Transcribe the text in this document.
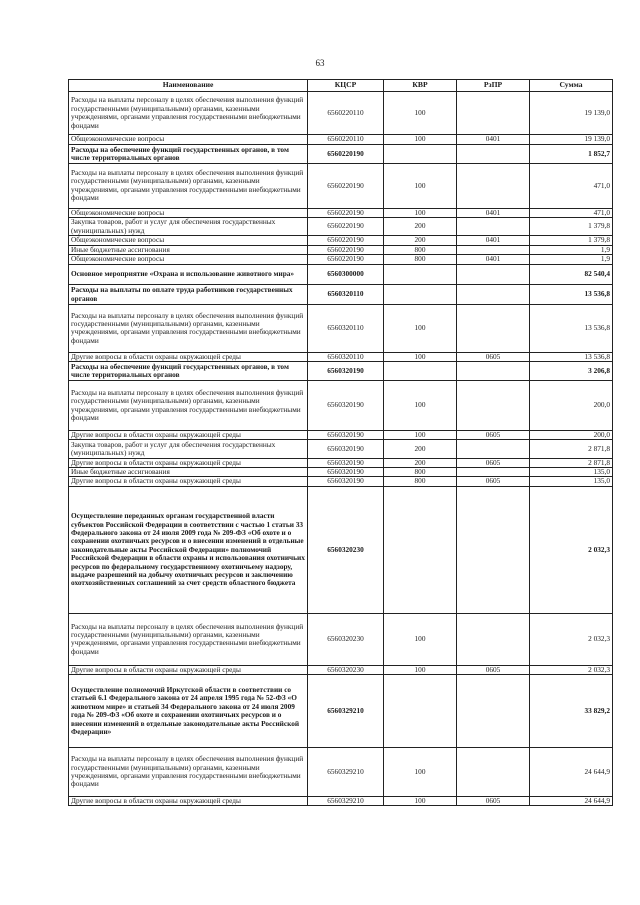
63
Наименование	КЦСР	КВР	РзПР	Сумма
Расходы на выплаты персоналу в целях обеспечения выполнения функций государственными (муниципальными) органами, казенными учреждениями, органами управления государственными внебюджетными фондами	6560220110	100		19 139,0
Общеэкономические вопросы	6560220110	100	0401	19 139,0
Расходы на обеспечение функций государственных органов, в том числе территориальных органов	6560220190			1 852,7
Расходы на выплаты персоналу в целях обеспечения выполнения функций государственными (муниципальными) органами, казенными учреждениями, органами управления государственными внебюджетными фондами	6560220190	100		471,0
Общеэкономические вопросы	6560220190	100	0401	471,0
Закупка товаров, работ и услуг для обеспечения государственных (муниципальных) нужд	6560220190	200		1 379,8
Общеэкономические вопросы	6560220190	200	0401	1 379,8
Иные бюджетные ассигнования	6560220190	800		1,9
Общеэкономические вопросы	6560220190	800	0401	1,9
Основное мероприятие «Охрана и использование животного мира»	6560300000			82 540,4
Расходы на выплаты по оплате труда работников государственных органов	6560320110			13 536,8
Расходы на выплаты персоналу в целях обеспечения выполнения функций государственными (муниципальными) органами, казенными учреждениями, органами управления государственными внебюджетными фондами	6560320110	100		13 536,8
Другие вопросы в области охраны окружающей среды	6560320110	100	0605	13 536,8
Расходы на обеспечение функций государственных органов, в том числе территориальных органов	6560320190			3 206,8
Расходы на выплаты персоналу в целях обеспечения выполнения функций государственными (муниципальными) органами, казенными учреждениями, органами управления государственными внебюджетными фондами	6560320190	100		200,0
Другие вопросы в области охраны окружающей среды	6560320190	100	0605	200,0
Закупка товаров, работ и услуг для обеспечения государственных (муниципальных) нужд	6560320190	200		2 871,8
Другие вопросы в области охраны окружающей среды	6560320190	200	0605	2 871,8
Иные бюджетные ассигнования	6560320190	800		135,0
Другие вопросы в области охраны окружающей среды	6560320190	800	0605	135,0
Осуществление переданных органам государственной власти субъектов Российской Федерации в соответствии с частью 1 статьи 33 Федерального закона от 24 июля 2009 года № 209-ФЗ «Об охоте и о сохранении охотничьих ресурсов и о внесении изменений в отдельные законодательные акты Российской Федерации» полномочий Российской Федерации в области охраны и использования охотничьих ресурсов по федеральному государственному охотничьему надзору, выдаче разрешений на добычу охотничьих ресурсов и заключению охотхозяйственных соглашений за счет средств областного бюджета	6560320230			2 032,3
Расходы на выплаты персоналу в целях обеспечения выполнения функций государственными (муниципальными) органами, казенными учреждениями, органами управления государственными внебюджетными фондами	6560320230	100		2 032,3
Другие вопросы в области охраны окружающей среды	6560320230	100	0605	2 032,3
Осуществление полномочий Иркутской области в соответствии со статьей 6.1 Федерального закона от 24 апреля 1995 года № 52-ФЗ «О животном мире» и статьей 34 Федерального закона от 24 июля 2009 года № 209-ФЗ «Об охоте и сохранении охотничьих ресурсов и о внесении изменений в отдельные законодательные акты Российской Федерации»	6560329210			33 829,2
Расходы на выплаты персоналу в целях обеспечения выполнения функций государственными (муниципальными) органами, казенными учреждениями, органами управления государственными внебюджетными фондами	6560329210	100		24 644,9
Другие вопросы в области охраны окружающей среды	6560329210	100	0605	24 644,9
